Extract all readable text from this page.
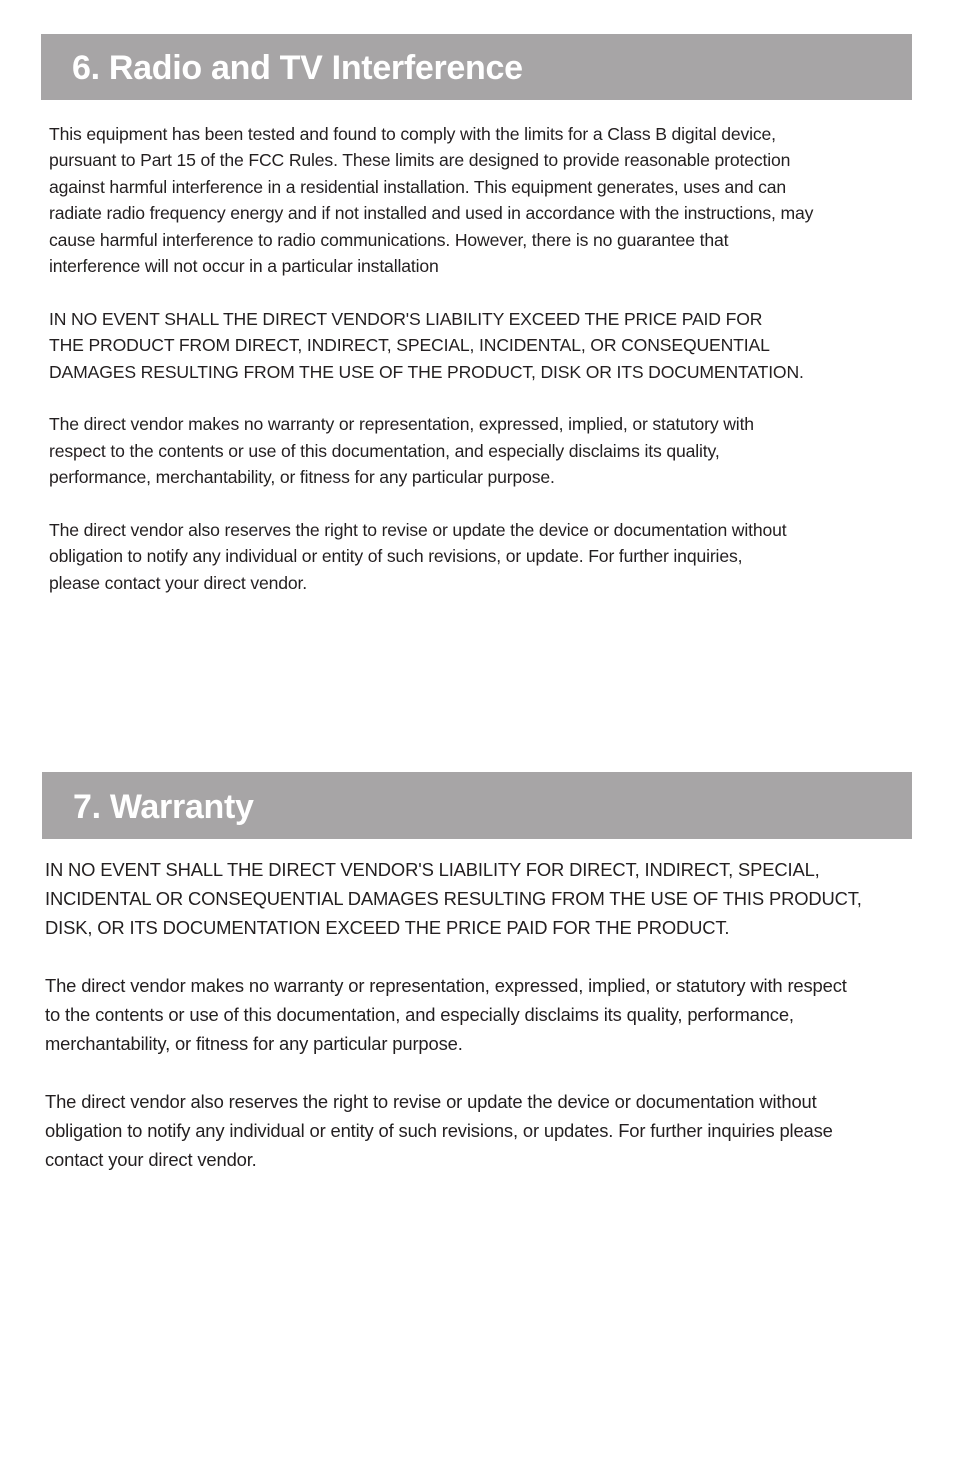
6. Radio and TV Interference

This equipment has been tested and found to comply with the limits for a Class B digital device,
pursuant to Part 15 of the FCC Rules. These limits are designed to provide reasonable protection
against harmful interference in a residential installation. This equipment generates, uses and can
radiate radio frequency energy and if not installed and used in accordance with the instructions, may
cause harmful interference to radio communications. However, there is no guarantee that
interference will not occur in a particular installation

IN NO EVENT SHALL THE DIRECT VENDOR'S LIABILITY EXCEED THE PRICE PAID FOR
THE PRODUCT FROM DIRECT, INDIRECT, SPECIAL, INCIDENTAL, OR CONSEQUENTIAL
DAMAGES RESULTING FROM THE USE OF THE PRODUCT, DISK OR ITS DOCUMENTATION.

The direct vendor makes no warranty or representation, expressed, implied, or statutory with
respect to the contents or use of this documentation, and especially disclaims its quality,
performance, merchantability, or fitness for any particular purpose.

The direct vendor also reserves the right to revise or update the device or documentation without
obligation to notify any individual or entity of such revisions, or update. For further inquiries,
please contact your direct vendor.

7. Warranty

IN NO EVENT SHALL THE DIRECT VENDOR'S LIABILITY FOR DIRECT, INDIRECT, SPECIAL,
INCIDENTAL OR CONSEQUENTIAL DAMAGES RESULTING FROM THE USE OF THIS PRODUCT,
DISK, OR ITS DOCUMENTATION EXCEED THE PRICE PAID FOR THE PRODUCT.

The direct vendor makes no warranty or representation, expressed, implied, or statutory with respect
to the contents or use of this documentation, and especially disclaims its quality, performance,
merchantability, or fitness for any particular purpose.

The direct vendor also reserves the right to revise or update the device or documentation without
obligation to notify any individual or entity of such revisions, or updates. For further inquiries please
contact your direct vendor.
